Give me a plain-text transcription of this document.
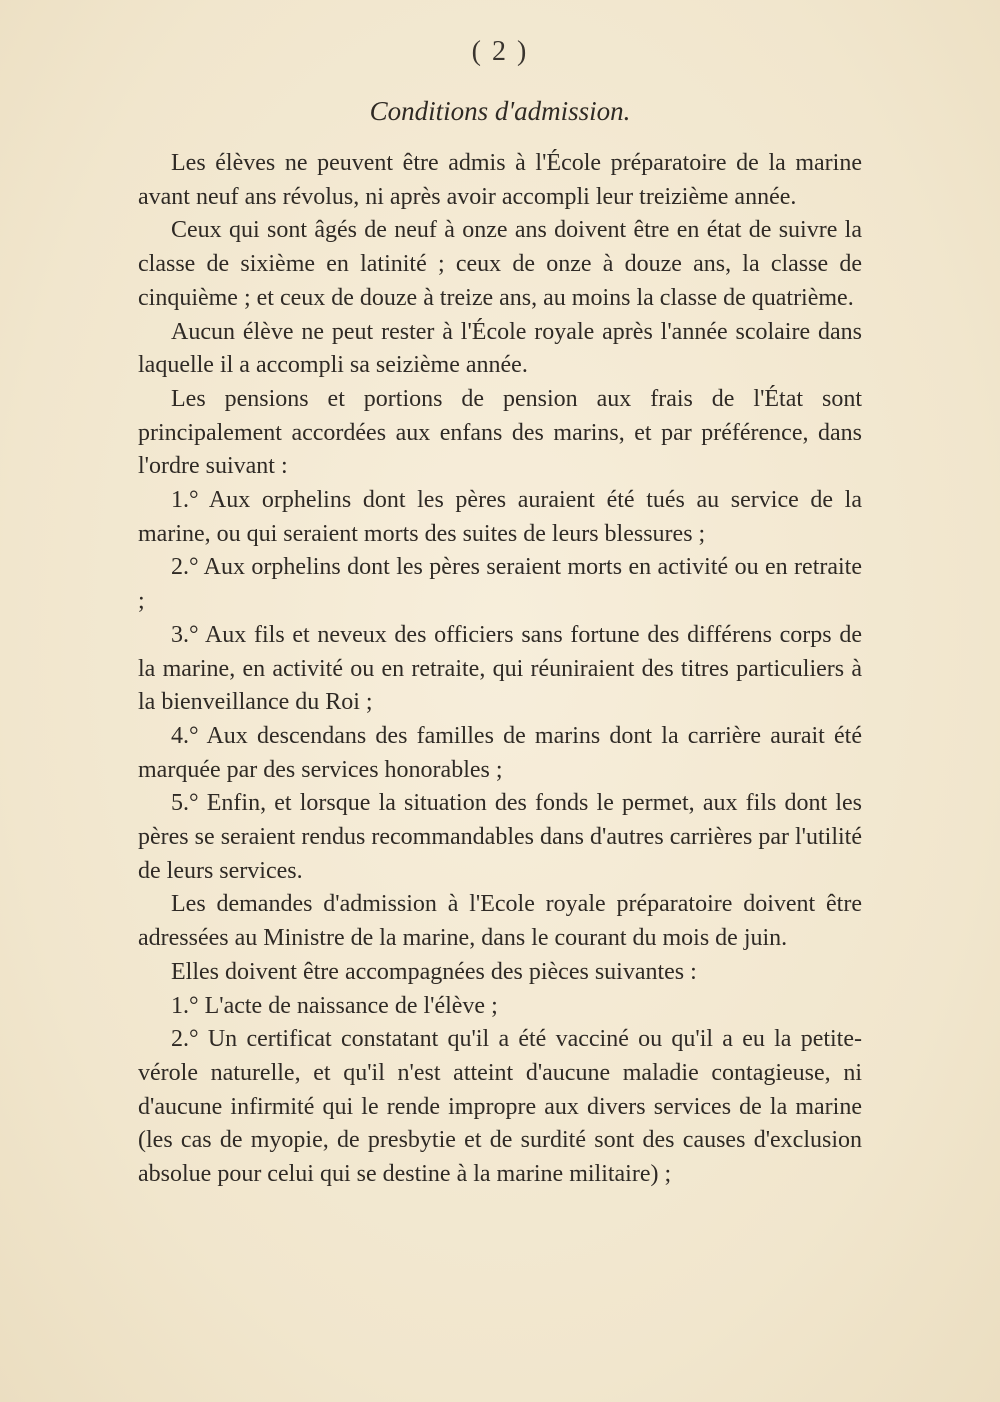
( 2 )
Conditions d'admission.

Les élèves ne peuvent être admis à l'École préparatoire de la marine avant neuf ans révolus, ni après avoir accompli leur treizième année.

Ceux qui sont âgés de neuf à onze ans doivent être en état de suivre la classe de sixième en latinité ; ceux de onze à douze ans, la classe de cinquième ; et ceux de douze à treize ans, au moins la classe de quatrième.

Aucun élève ne peut rester à l'École royale après l'année scolaire dans laquelle il a accompli sa seizième année.

Les pensions et portions de pension aux frais de l'État sont principalement accordées aux enfans des marins, et par préférence, dans l'ordre suivant :

1.° Aux orphelins dont les pères auraient été tués au service de la marine, ou qui seraient morts des suites de leurs blessures ;

2.° Aux orphelins dont les pères seraient morts en activité ou en retraite ;

3.° Aux fils et neveux des officiers sans fortune des différens corps de la marine, en activité ou en retraite, qui réuniraient des titres particuliers à la bienveillance du Roi ;

4.° Aux descendans des familles de marins dont la carrière aurait été marquée par des services honorables ;

5.° Enfin, et lorsque la situation des fonds le permet, aux fils dont les pères se seraient rendus recommandables dans d'autres carrières par l'utilité de leurs services.

Les demandes d'admission à l'Ecole royale préparatoire doivent être adressées au Ministre de la marine, dans le courant du mois de juin.

Elles doivent être accompagnées des pièces suivantes :

1.° L'acte de naissance de l'élève ;

2.° Un certificat constatant qu'il a été vacciné ou qu'il a eu la petite-vérole naturelle, et qu'il n'est atteint d'aucune maladie contagieuse, ni d'aucune infirmité qui le rende impropre aux divers services de la marine (les cas de myopie, de presbytie et de surdité sont des causes d'exclusion absolue pour celui qui se destine à la marine militaire) ;
